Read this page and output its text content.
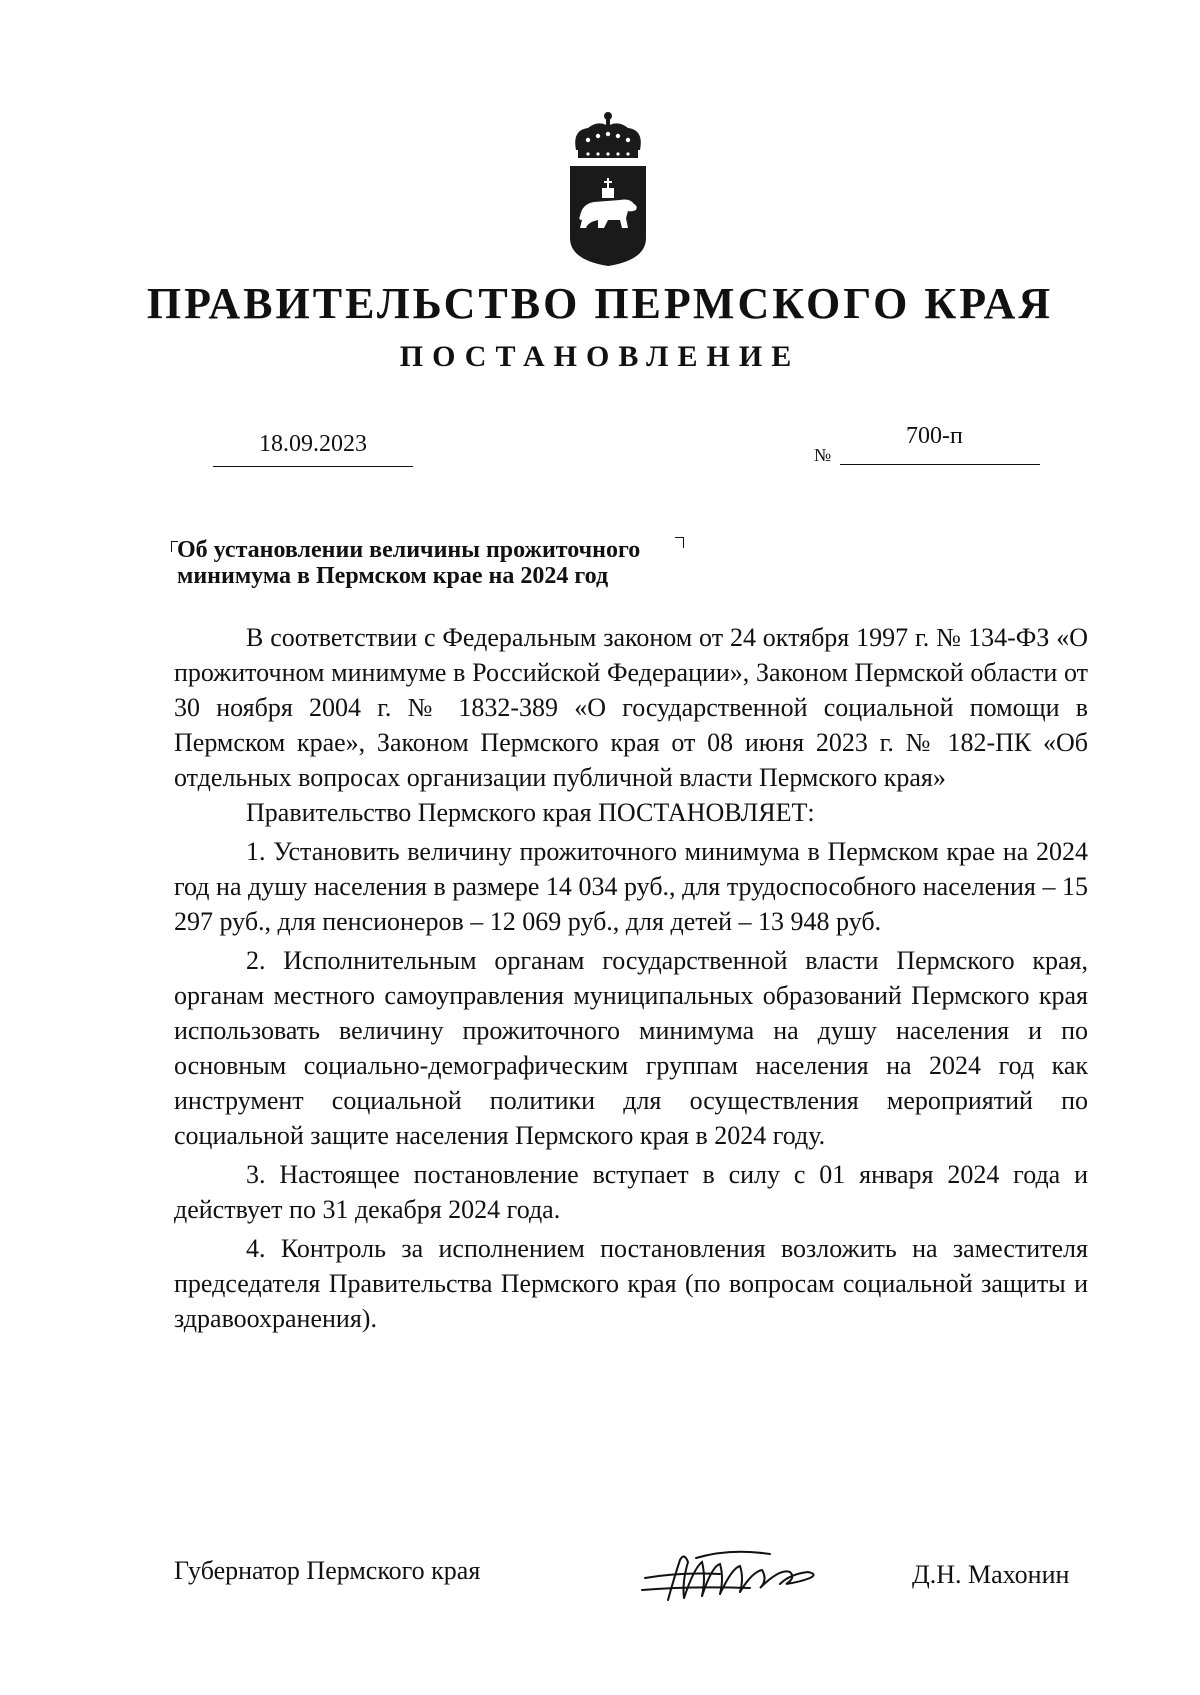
ПРАВИТЕЛЬСТВО ПЕРМСКОГО КРАЯ
ПОСТАНОВЛЕНИЕ
18.09.2023	№
700-п
Об установлении величины прожиточного
минимума в Пермском крае на 2024 год

В соответствии с Федеральным законом от 24 октября 1997 г. № 134-ФЗ «О прожиточном минимуме в Российской Федерации», Законом Пермской области от 30 ноября 2004 г. № 1832-389 «О государственной социальной помощи в Пермском крае», Законом Пермского края от 08 июня 2023 г. № 182-ПК «Об отдельных вопросах организации публичной власти Пермского края»

Правительство Пермского края ПОСТАНОВЛЯЕТ:

1. Установить величину прожиточного минимума в Пермском крае на 2024 год на душу населения в размере 14 034 руб., для трудоспособного населения – 15 297 руб., для пенсионеров – 12 069 руб., для детей – 13 948 руб.

2. Исполнительным органам государственной власти Пермского края, органам местного самоуправления муниципальных образований Пермского края использовать величину прожиточного минимума на душу населения и по основным социально-демографическим группам населения на 2024 год как инструмент социальной политики для осуществления мероприятий по социальной защите населения Пермского края в 2024 году.

3. Настоящее постановление вступает в силу с 01 января 2024 года и действует по 31 декабря 2024 года.

4. Контроль за исполнением постановления возложить на заместителя председателя Правительства Пермского края (по вопросам социальной защиты и здравоохранения).

Губернатор Пермского края	Д.Н. Махонин
